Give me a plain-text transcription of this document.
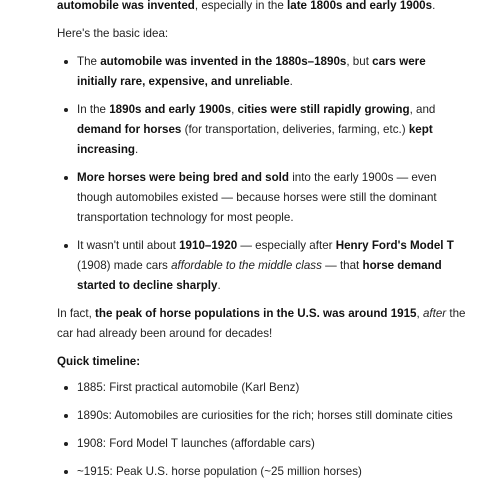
automobile was invented, especially in the late 1800s and early 1900s.

Here's the basic idea:

The automobile was invented in the 1880s–1890s, but cars were initially rare, expensive, and unreliable.
In the 1890s and early 1900s, cities were still rapidly growing, and demand for horses (for transportation, deliveries, farming, etc.) kept increasing.
More horses were being bred and sold into the early 1900s — even though automobiles existed — because horses were still the dominant transportation technology for most people.
It wasn't until about 1910–1920 — especially after Henry Ford's Model T (1908) made cars affordable to the middle class — that horse demand started to decline sharply.

In fact, the peak of horse populations in the U.S. was around 1915, after the car had already been around for decades!

Quick timeline:

1885: First practical automobile (Karl Benz)
1890s: Automobiles are curiosities for the rich; horses still dominate cities
1908: Ford Model T launches (affordable cars)
~1915: Peak U.S. horse population (~25 million horses)
